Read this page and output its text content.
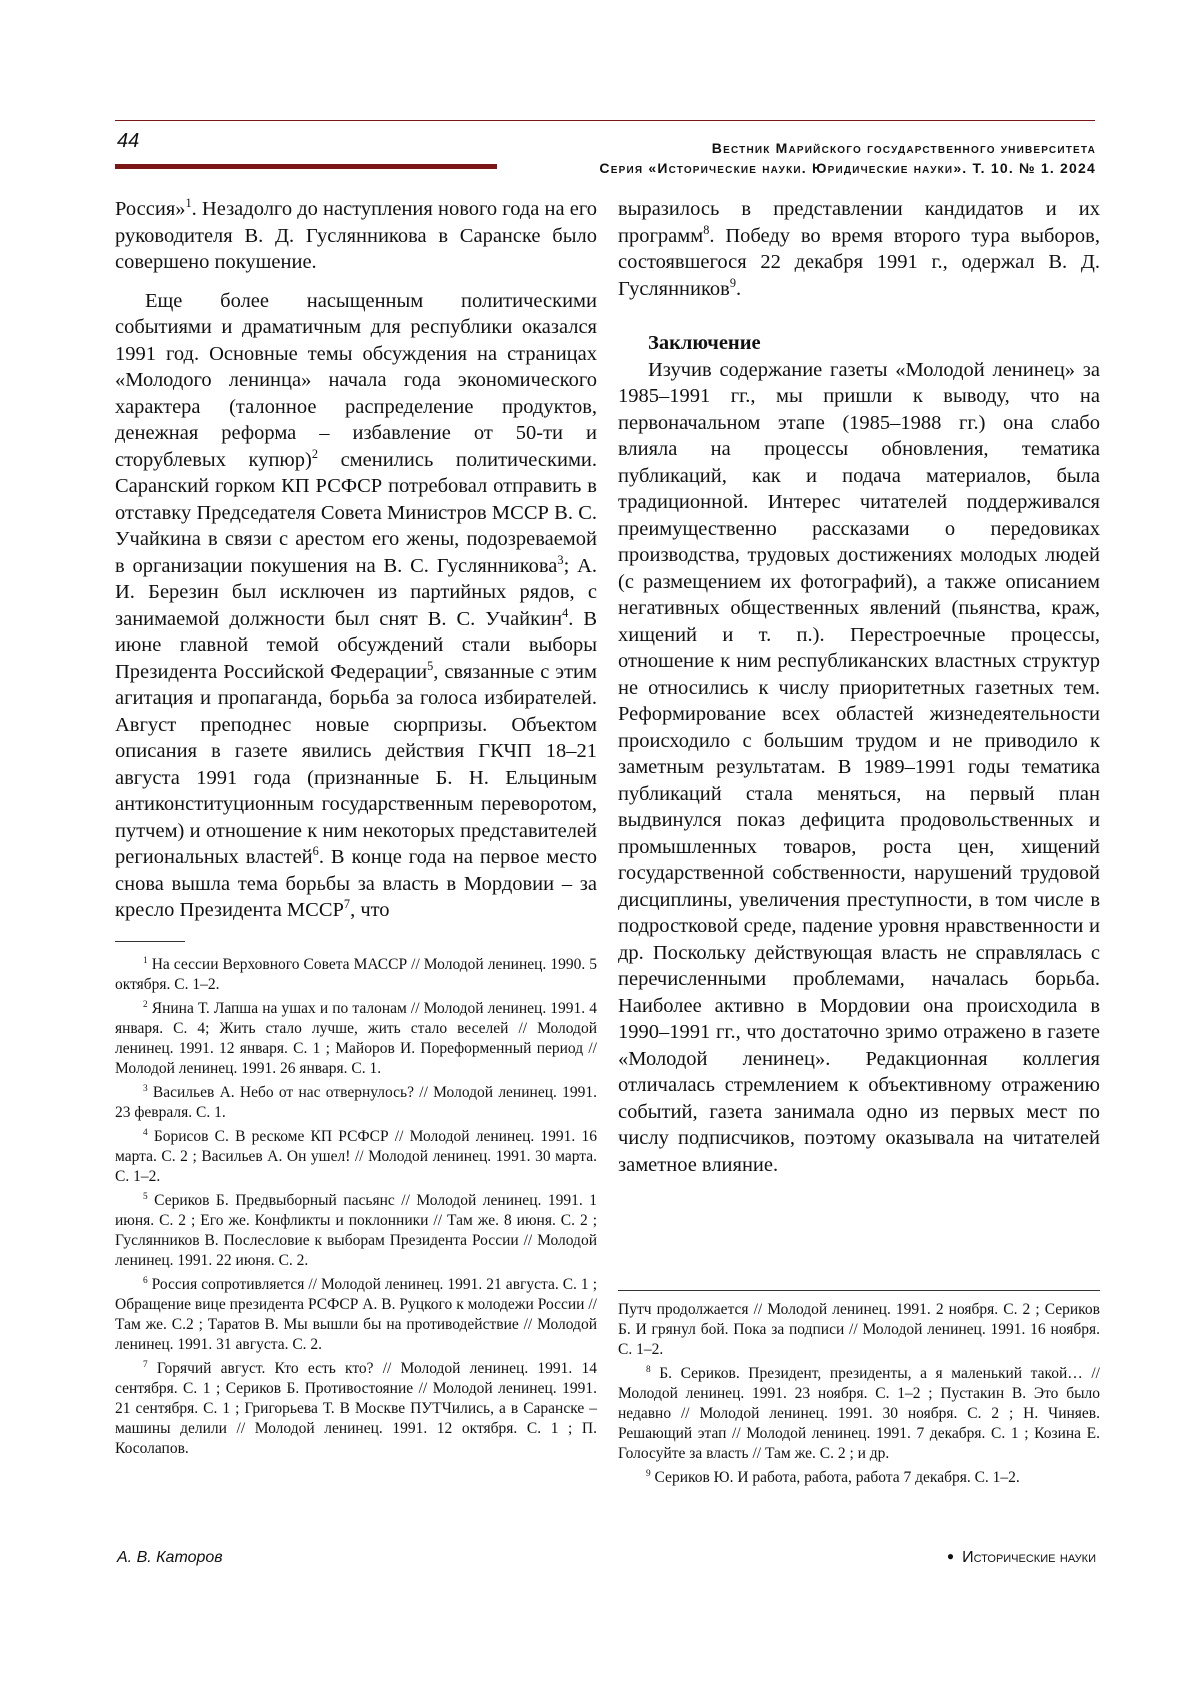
44	Вестник Марийского государственного университета
Серия «Исторические науки. Юридические науки». Т. 10. № 1. 2024

Россия»$^1$. Незадолго до наступления нового года на его руководителя В. Д. Гуслянникова в Саранске было совершено покушение.

Еще более насыщенным политическими событиями и драматичным для республики оказался 1991 год. Основные темы обсуждения на страницах «Молодого ленинца» начала года экономического характера (талонное распределение продуктов, денежная реформа – избавление от 50-ти и сторублевых купюр)$^2$ сменились политическими. Саранский горком КП РСФСР потребовал отправить в отставку Председателя Совета Министров МССР В. С. Учайкина в связи с арестом его жены, подозреваемой в организации покушения на В. С. Гуслянникова$^3$; А. И. Березин был исключен из партийных рядов, с занимаемой должности был снят В. С. Учайкин$^4$. В июне главной темой обсуждений стали выборы Президента Российской Федерации$^5$, связанные с этим агитация и пропаганда, борьба за голоса избирателей. Август преподнес новые сюрпризы. Объектом описания в газете явились действия ГКЧП 18–21 августа 1991 года (признанные Б. Н. Ельциным антиконституционным государственным переворотом, путчем) и отношение к ним некоторых представителей региональных властей$^6$. В конце года на первое место снова вышла тема борьбы за власть в Мордовии – за кресло Президента МССР$^7$, что

выразилось в представлении кандидатов и их программ$^8$. Победу во время второго тура выборов, состоявшегося 22 декабря 1991 г., одержал В. Д. Гуслянников$^9$.

Заключение

Изучив содержание газеты «Молодой ленинец» за 1985–1991 гг., мы пришли к выводу, что на первоначальном этапе (1985–1988 гг.) она слабо влияла на процессы обновления, тематика публикаций, как и подача материалов, была традиционной. Интерес читателей поддерживался преимущественно рассказами о передовиках производства, трудовых достижениях молодых людей (с размещением их фотографий), а также описанием негативных общественных явлений (пьянства, краж, хищений и т. п.). Перестроечные процессы, отношение к ним республиканских властных структур не относились к числу приоритетных газетных тем. Реформирование всех областей жизнедеятельности происходило с большим трудом и не приводило к заметным результатам. В 1989–1991 годы тематика публикаций стала меняться, на первый план выдвинулся показ дефицита продовольственных и промышленных товаров, роста цен, хищений государственной собственности, нарушений трудовой дисциплины, увеличения преступности, в том числе в подростковой среде, падение уровня нравственности и др. Поскольку действующая власть не справлялась с перечисленными проблемами, началась борьба. Наиболее активно в Мордовии она происходила в 1990–1991 гг., что достаточно зримо отражено в газете «Молодой ленинец». Редакционная коллегия отличалась стремлением к объективному отражению событий, газета занимала одно из первых мест по числу подписчиков, поэтому оказывала на читателей заметное влияние.

$^1$ На сессии Верховного Совета МАССР // Молодой ленинец. 1990. 5 октября. С. 1–2.

$^2$ Янина Т. Лапша на ушах и по талонам // Молодой ленинец. 1991. 4 января. С. 4; Жить стало лучше, жить стало веселей // Молодой ленинец. 1991. 12 января. С. 1 ; Майоров И. Пореформенный период // Молодой ленинец. 1991. 26 января. С. 1.

$^3$ Васильев А. Небо от нас отвернулось? // Молодой ленинец. 1991. 23 февраля. С. 1.

$^4$ Борисов С. В рескоме КП РСФСР // Молодой ленинец. 1991. 16 марта. С. 2 ; Васильев А. Он ушел! // Молодой ленинец. 1991. 30 марта. С. 1–2.

$^5$ Сериков Б. Предвыборный пасьянс // Молодой ленинец. 1991. 1 июня. С. 2 ; Его же. Конфликты и поклонники // Там же. 8 июня. С. 2 ; Гуслянников В. Послесловие к выборам Президента России // Молодой ленинец. 1991. 22 июня. С. 2.

$^6$ Россия сопротивляется // Молодой ленинец. 1991. 21 августа. С. 1 ; Обращение вице президента РСФСР А. В. Руцкого к молодежи России // Там же. С.2 ; Таратов В. Мы вышли бы на противодействие // Молодой ленинец. 1991. 31 августа. С. 2.

$^7$ Горячий август. Кто есть кто? // Молодой ленинец. 1991. 14 сентября. С. 1 ; Сериков Б. Противостояние // Молодой ленинец. 1991. 21 сентября. С. 1 ; Григорьева Т. В Москве ПУТЧились, а в Саранске – машины делили // Молодой ленинец. 1991. 12 октября. С. 1 ; П. Косолапов.

Путч продолжается // Молодой ленинец. 1991. 2 ноября. С. 2 ; Сериков Б. И грянул бой. Пока за подписи // Молодой ленинец. 1991. 16 ноября. С. 1–2.

$^8$ Б. Сериков. Президент, президенты, а я маленький такой… // Молодой ленинец. 1991. 23 ноября. С. 1–2 ; Пустакин В. Это было недавно // Молодой ленинец. 1991. 30 ноября. С. 2 ; Н. Чиняев. Решающий этап // Молодой ленинец. 1991. 7 декабря. С. 1 ; Козина Е. Голосуйте за власть // Там же. С. 2 ; и др.

$^9$ Сериков Ю. И работа, работа, работа 7 декабря. С. 1–2.

А. В. Каторов	● Исторические науки
